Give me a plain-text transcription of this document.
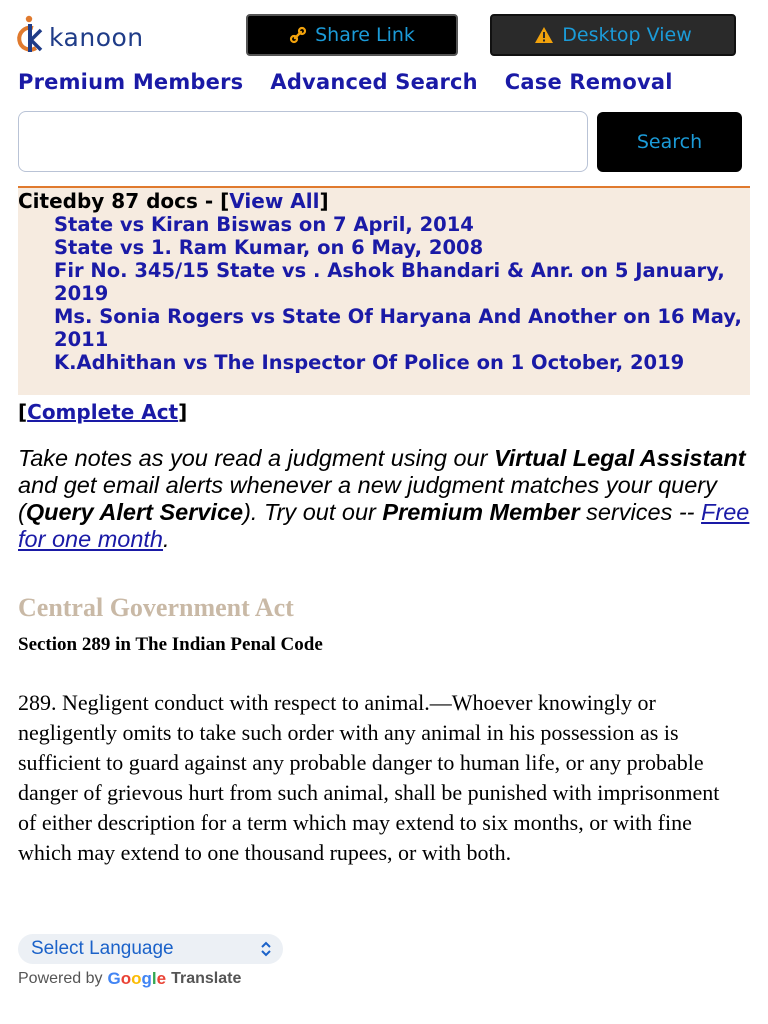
kanoon	Share Link	Desktop View
Premium Members Advanced Search Case Removal
Search
Citedby 87 docs - [View All]
State vs Kiran Biswas on 7 April, 2014
State vs 1. Ram Kumar, on 6 May, 2008
Fir No. 345/15 State vs . Ashok Bhandari & Anr. on 5 January, 2019
Ms. Sonia Rogers vs State Of Haryana And Another on 16 May, 2011
K.Adhithan vs The Inspector Of Police on 1 October, 2019
[Complete Act]
Take notes as you read a judgment using our Virtual Legal Assistant and get email alerts whenever a new judgment matches your query (Query Alert Service). Try out our Premium Member services -- Free for one month.
Central Government Act
Section 289 in The Indian Penal Code
289. Negligent conduct with respect to animal.—Whoever knowingly or negligently omits to take such order with any animal in his possession as is sufficient to guard against any probable danger to human life, or any probable danger of grievous hurt from such animal, shall be punished with imprisonment of either description for a term which may extend to six months, or with fine which may extend to one thousand rupees, or with both.
Select Language
Powered by Google Translate
